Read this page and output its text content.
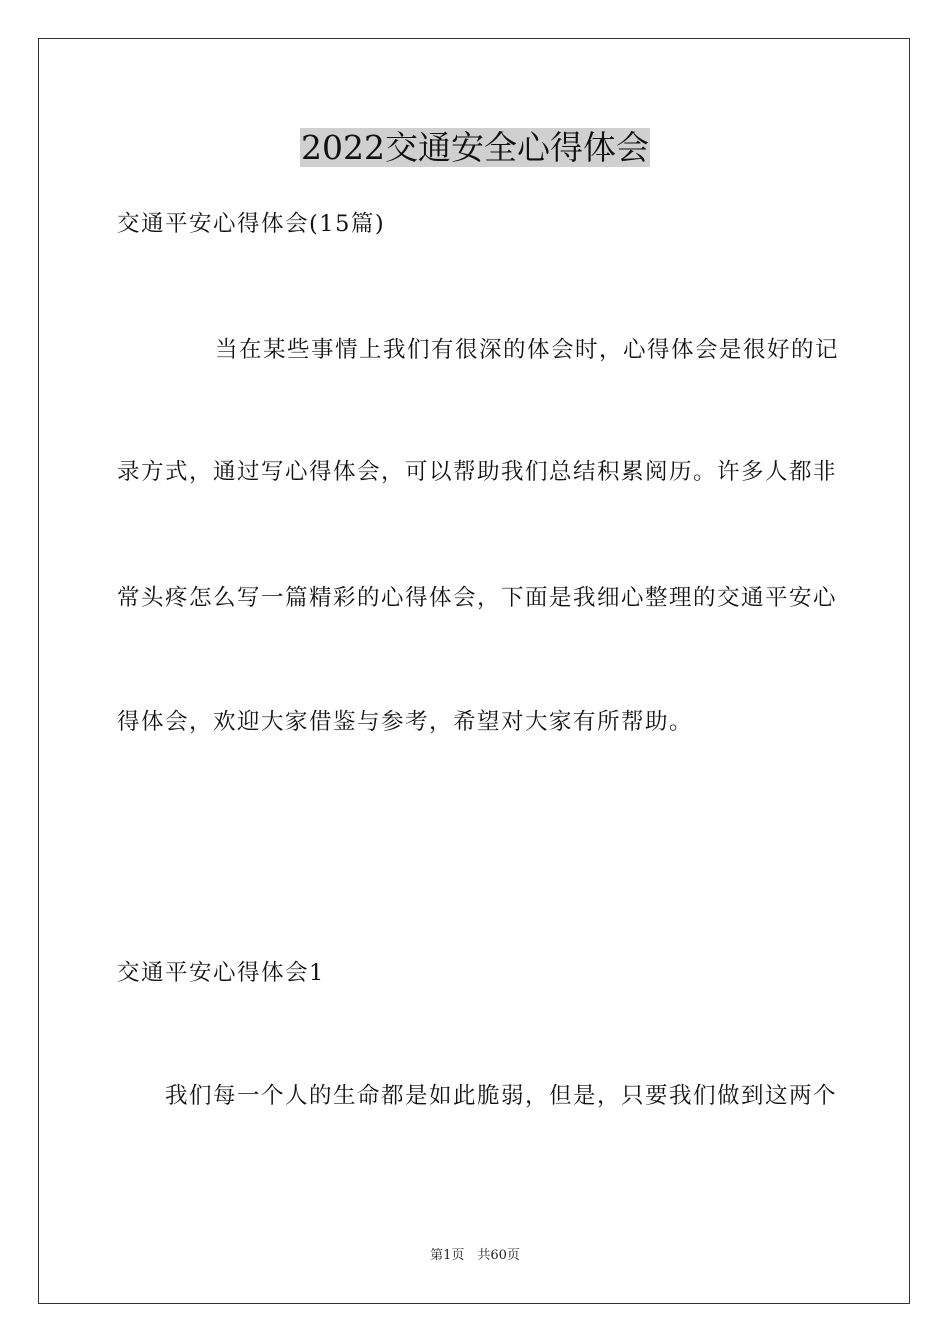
2022交通安全心得体会

交通平安心得体会(15篇)

当在某些事情上我们有很深的体会时，心得体会是很好的记

录方式，通过写心得体会，可以帮助我们总结积累阅历。许多人都非

常头疼怎么写一篇精彩的心得体会，下面是我细心整理的交通平安心

得体会，欢迎大家借鉴与参考，希望对大家有所帮助。

交通平安心得体会1

我们每一个人的生命都是如此脆弱，但是，只要我们做到这两个

第1页　共60页
